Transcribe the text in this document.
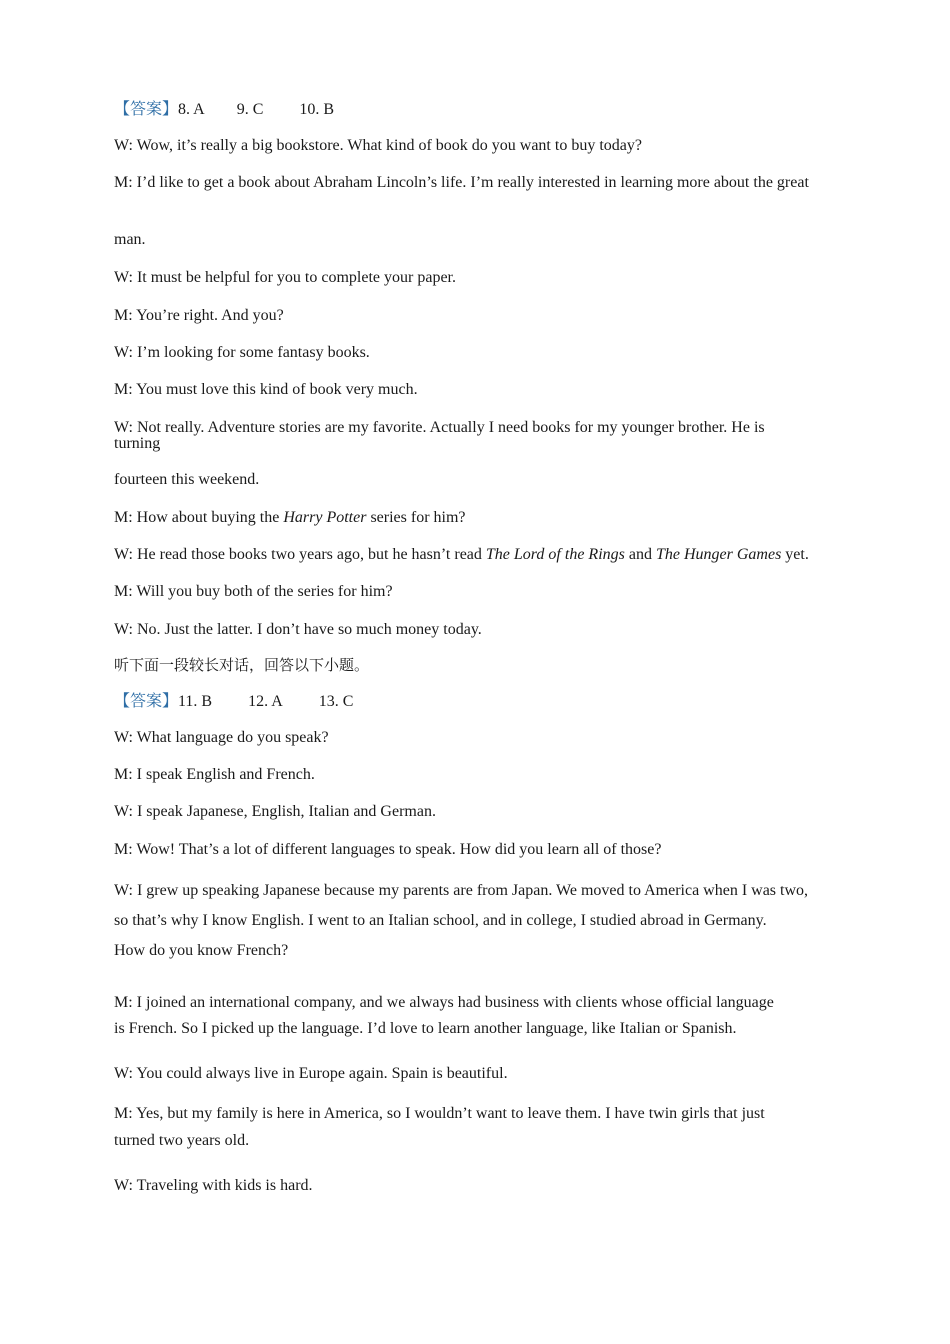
【答案】8. A 9. C 10. B
W: Wow, it’s really a big bookstore. What kind of book do you want to buy today?
M: I’d like to get a book about Abraham Lincoln’s life. I’m really interested in learning more about the great
man.
W: It must be helpful for you to complete your paper.
M: You’re right. And you?
W: I’m looking for some fantasy books.
M: You must love this kind of book very much.
W: Not really. Adventure stories are my favorite. Actually I need books for my younger brother. He is
turning
fourteen this weekend.
M: How about buying the Harry Potter series for him?
W: He read those books two years ago, but he hasn’t read The Lord of the Rings and The Hunger Games yet.
M: Will you buy both of the series for him?
W: No. Just the latter. I don’t have so much money today.
听下面一段较长对话，回答以下小题。
【答案】11. B 12. A 13. C
W: What language do you speak?
M: I speak English and French.
W: I speak Japanese, English, Italian and German.
M: Wow! That’s a lot of different languages to speak. How did you learn all of those?
W: I grew up speaking Japanese because my parents are from Japan. We moved to America when I was two,
so that’s why I know English. I went to an Italian school, and in college, I studied abroad in Germany.
How do you know French?
M: I joined an international company, and we always had business with clients whose official language
is French. So I picked up the language. I’d love to learn another language, like Italian or Spanish.
W: You could always live in Europe again. Spain is beautiful.
M: Yes, but my family is here in America, so I wouldn’t want to leave them. I have twin girls that just
turned two years old.
W: Traveling with kids is hard.
